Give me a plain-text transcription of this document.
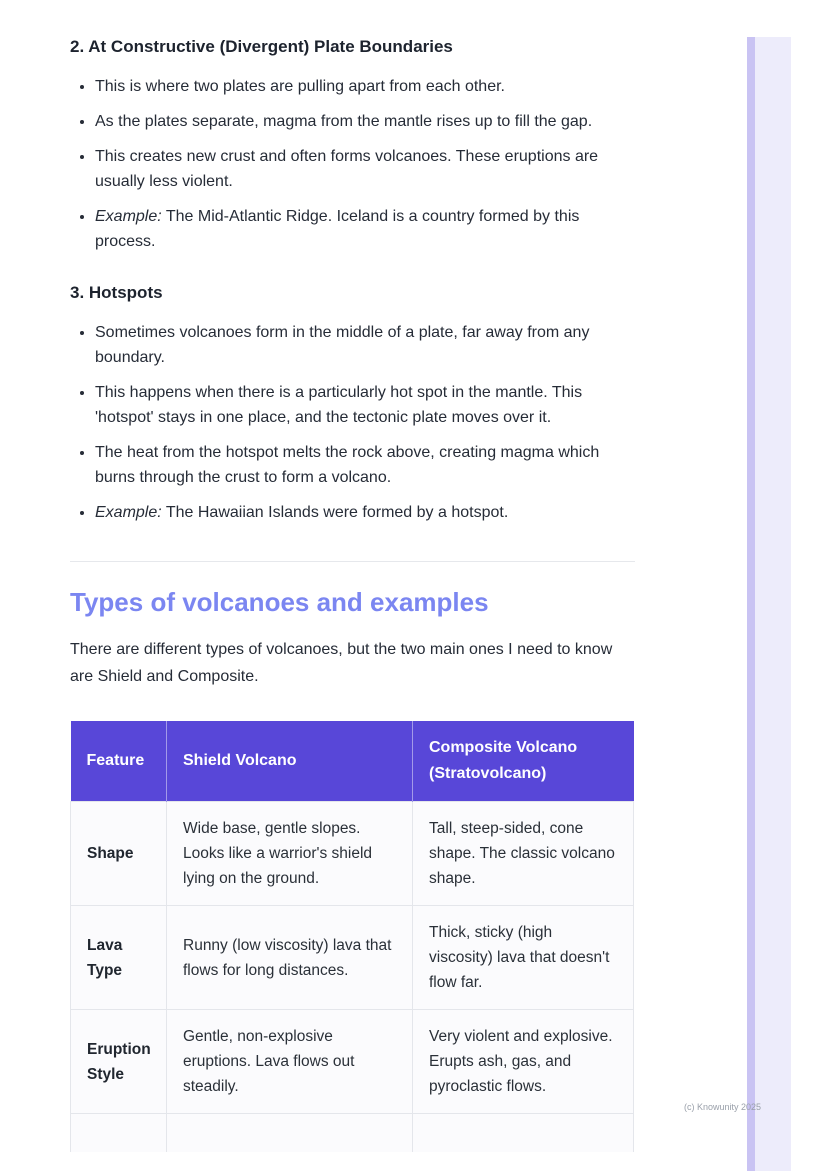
2. At Constructive (Divergent) Plate Boundaries
• This is where two plates are pulling apart from each other.
• As the plates separate, magma from the mantle rises up to fill the gap.
• This creates new crust and often forms volcanoes. These eruptions are usually less violent.
• Example: The Mid-Atlantic Ridge. Iceland is a country formed by this process.
3. Hotspots
• Sometimes volcanoes form in the middle of a plate, far away from any boundary.
• This happens when there is a particularly hot spot in the mantle. This 'hotspot' stays in one place, and the tectonic plate moves over it.
• The heat from the hotspot melts the rock above, creating magma which burns through the crust to form a volcano.
• Example: The Hawaiian Islands were formed by a hotspot.
Types of volcanoes and examples

There are different types of volcanoes, but the two main ones I need to know are Shield and Composite.

Feature	Shield Volcano	Composite Volcano (Stratovolcano)
Shape	Wide base, gentle slopes. Looks like a warrior's shield lying on the ground.	Tall, steep-sided, cone shape. The classic volcano shape.
Lava Type	Runny (low viscosity) lava that flows for long distances.	Thick, sticky (high viscosity) lava that doesn't flow far.
Eruption Style	Gentle, non-explosive eruptions. Lava flows out steadily.	Very violent and explosive. Erupts ash, gas, and pyroclastic flows.

(c) Knowunity 2025
